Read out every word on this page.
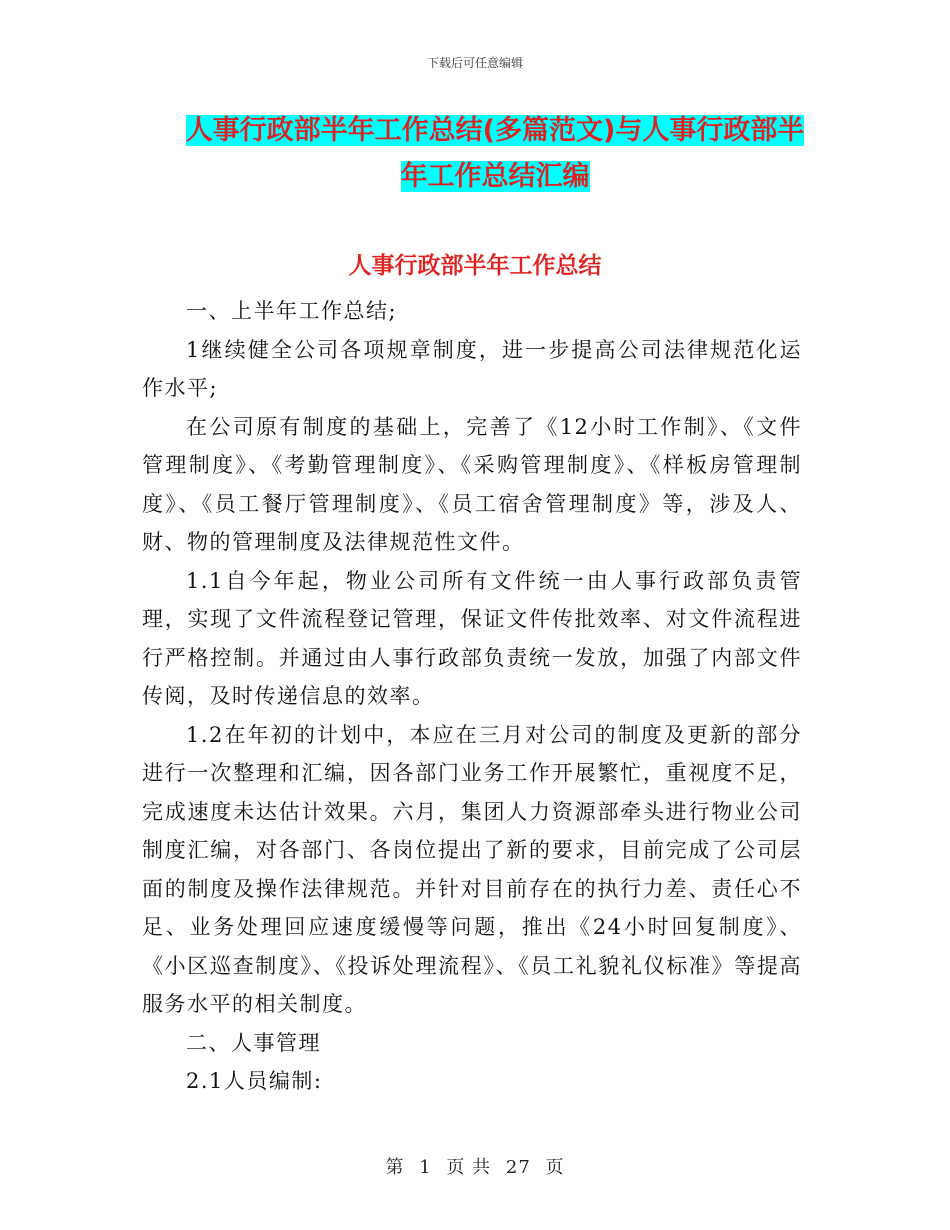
下载后可任意编辑
人事行政部半年工作总结(多篇范文)与人事行政部半
年工作总结汇编
人事行政部半年工作总结

一、上半年工作总结;

1继续健全公司各项规章制度，进一步提高公司法律规范化运作水平;

在公司原有制度的基础上，完善了《12小时工作制》、《文件管理制度》、《考勤管理制度》、《采购管理制度》、《样板房管理制度》、《员工餐厅管理制度》、《员工宿舍管理制度》等，涉及人、财、物的管理制度及法律规范性文件。

1.1自今年起，物业公司所有文件统一由人事行政部负责管理，实现了文件流程登记管理，保证文件传批效率、对文件流程进行严格控制。并通过由人事行政部负责统一发放，加强了内部文件传阅，及时传递信息的效率。

1.2在年初的计划中，本应在三月对公司的制度及更新的部分进行一次整理和汇编，因各部门业务工作开展繁忙，重视度不足，完成速度未达估计效果。六月，集团人力资源部牵头进行物业公司制度汇编，对各部门、各岗位提出了新的要求，目前完成了公司层面的制度及操作法律规范。并针对目前存在的执行力差、责任心不足、业务处理回应速度缓慢等问题，推出《24小时回复制度》、《小区巡查制度》、《投诉处理流程》、《员工礼貌礼仪标准》等提高服务水平的相关制度。

二、人事管理

2.1人员编制:

第 1 页 共 27 页
